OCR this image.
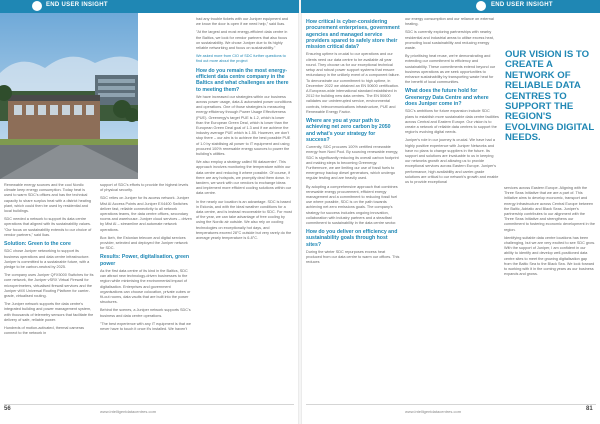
END USER INSIGHT	END USER INSIGHT

Renewable energy sources and the cool Nordic climate keep energy consumption. Today heat is used to warm SDC's offices and has the technical capacity to share surplus heat with a district heating plant, which could then be used by residential and local buildings.

SDC needed a network to support its data centre operations that aligned with its sustainability values. "Our focus on sustainability extends to our choice of vendor partners," said Ikas.

Solution: Green to the core

SDC chose Juniper networking to support its business operations and data centre infrastructure. Juniper is committed to a sustainable future, with a pledge to be carbon-neutral by 2025.

The company uses Juniper QFX5000 Switches for its core network, the Juniper vSRX Virtual Firewall for microperimeters, virtualised firewall services and the Juniper vMX Universal Routing Platform for carrier-grade, virtualised routing.

The Juniper network supports the data centre's integrated building and power management system, with thousands of telemetry sensors that facilitate the delivery of safe, reliable power.

Hundreds of motion-activated, thermal cameras connect to the network in

support of SDC's efforts to provide the highest levels of physical security.

SDC relies on Juniper for its access network. Juniper Mist AI Access Points and Juniper EX4400 Switches deliver fast, reliable connectivity to all network operations teams, the data centre offices, secondary rooms and warehouse. Juniper cloud services – driven by Mist AI – streamline and automate network operations.

Box Ikeh, the Estonian telecom and digital services provider, selected and deployed the Juniper network for SDC.

Results: Power, digitalisation, green power

As the first data centre of its kind in the Baltics, SDC can attract new technology-driven businesses to the region while minimising the environmental impact of digitalisation. Enterprises and government organisations can choose colocation, private cubes or fit-out rooms, data vaults that are built into the power structures.

Behind the scenes, a Juniper network supports SDC's business and data centre operations.

"The best experience with any IT equipment is that we never have to touch it once it's installed. We haven't

had any trouble tickets with our Juniper equipment and we know the door is open if we need help," said Ikas.

"At the largest and most energy-efficient data centre in the Baltics, we look for vendor partners that also focus on sustainability. We chose Juniper due to its highly reliable networking and focus on sustainability."

We asked more from CIO of SDC further questions to find out more about the project

How do you remain the most energy-efficient data centre company in the Baltics and what challenges are there to meeting them?

We have increased our strategies within our business across power usage, data & automated power conditions and operations. One of those strategies is measuring energy efficiency through Power Usage Effectiveness (PUE). Greenergy's target PUE is 1.2, which is lower than the European Green Deal, which is lower than the European Green Deal goal of 1.3 and if we achieve the industry average PUE which is 1.55. However, we don't stop there – our aim is to achieve the best possible PUE of 1.0 by stabilising all power to IT equipment and using procured 100% renewable energy sources to power the building's utilities.

We also employ a strategy called 'fill datacenter'. This approach involves monitoring the temperature within our data centre and reducing it where possible. Of course, if there are any hotspots, we promptly deal them down. In tandem, we work with our vendors to exchange ideas and implement more efficient cooling solutions within our data centre.

In the nearly our location is an advantage. SDC is based in Estonia, and with the ideal weather conditions for a data centre, and is instead recoverable to SDC. For most of the year, we can take advantage of free cooling by using the Nordic air outside. We also rely on cooling technologies on exceptionally hot days, and temperatures exceed 28°C outside but very rarely do the average yearly temperature is 6-8°C.

How critical is cyber-considering procurement enterprises, government agencies and managed service providers spared to safely store their mission critical data?

Ensuring uptime is crucial to our operations and our clients need our data centre to be available all year round. They choose us for our exceptional technical setup and robust power support systems that ensure redundancy in the unlikely event of a component failure. To demonstrate our commitment to high uptime, in December 2022 we obtained an EN 50600 certification. A European-wide international standard established in 2012 for building new data centres. The EN 50600 validates our uninterrupted service, environmental controls, telecommunications infrastructure, PUE and Renewable Energy Factor.

Where are you at your path to achieving net zero carbon by 2050 and what's your strategy for success?

Currently, SDC procures 100% certified renewable energy from Nord Pool. By sourcing renewable energy, SDC is significantly reducing its overall carbon footprint and making steps to becoming Greenergy. Furthermore, we are limiting our use of fossil fuels to emergency backup diesel generators, which undergo regular testing and are heavily used.

By adopting a comprehensive approach that combines renewable energy procurement, efficient energy management and a commitment to reducing fossil fuel use where possible, SDC is on the path towards achieving net zero emissions goals. The company's strategy for success includes ongoing innovation, collaboration with industry partners and a steadfast commitment to sustainability in the data centre sector.

How do you deliver on efficiency and sustainability goals through host sites?

During the winter SDC repurposes excess heat produced from our data centre to warm our offices. This reduces

our energy consumption and our reliance on external heating.

SDC is currently exploring partnerships with nearby residential and industrial areas to utilise excess heat, promoting local sustainability and reducing energy waste.

By prioritising heat reuse, we're demonstrating and extending our commitment to efficiency and sustainability. These commitments extend beyond our business operations as we seek opportunities to enhance sustainability by transporting waste heat for the benefit of local communities.

What does the future hold for Greenergy Data Centre and where does Juniper come in?

SDC's ambitions for future expansion include SDC plans to establish more sustainable data centre facilities across Central and Eastern Europe. Our vision is to create a network of reliable data centres to support the region's evolving digital needs.

Juniper's role in our journey is crucial. We have had a highly positive experience with Juniper Networks and have no plans to change suppliers in the future. Its support and solutions are invaluable to us in keeping our networks growth and allowing us to provide exceptional services across Eastern Europe. Juniper's performance, high availability and carrier-grade solutions are critical to our network's growth and enable us to provide exceptional

OUR VISION IS TO CREATE A NETWORK OF RELIABLE DATA CENTRES TO SUPPORT THE REGION'S EVOLVING DIGITAL NEEDS.

services across Eastern Europe. Aligning with the Three Seas Initiative that we are a part of. This initiative aims to develop economic, transport and energy infrastructure across Central Europe between the Baltic, Adriatic and Black Seas. Juniper's partnership contributes to our alignment with the Three Seas Initiative and strengthens our commitment to fostering economic development in the region.

Identifying suitable data centre locations has been challenging, but we are very excited to see SDC grow. With the support of Juniper, I am confident in our ability to identify and develop well-positioned data centre sites to meet the growing digitalisation gap from the Baltic Sea to the Black Sea. We look forward to working with it in the coming years as our business expands and grows.

56	www.intelligentdatacentres.com	www.intelligentdatacentres.com	81
